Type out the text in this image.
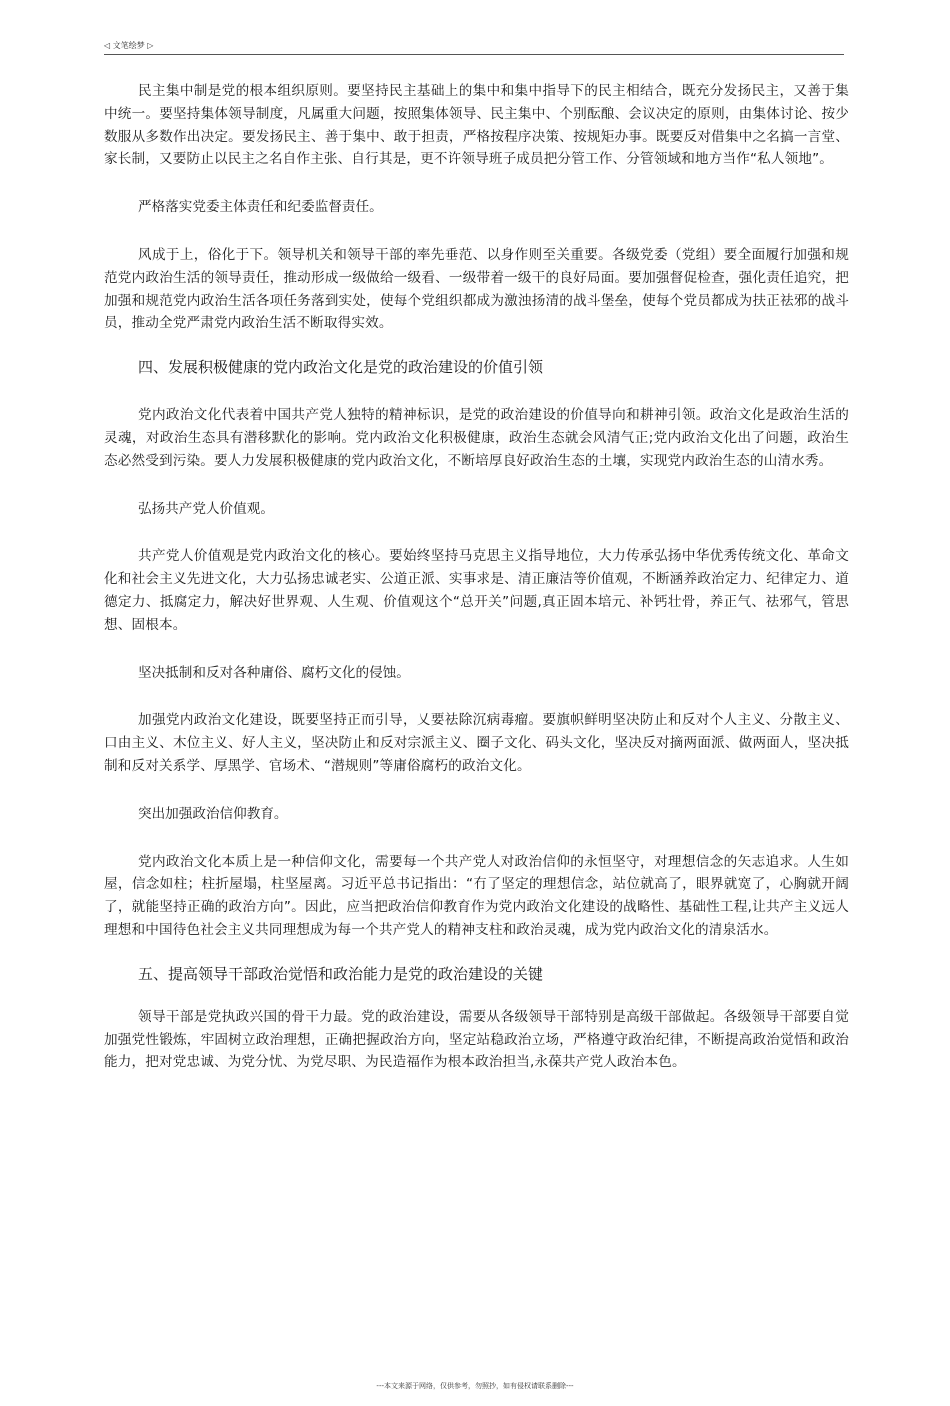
◁ 文笔绘梦 ▷

民主集中制是党的根本组织原则。要坚持民主基础上的集中和集中指导下的民主相结合，既充分发扬民主，又善于集中统一。要坚持集体领导制度，凡属重大问题，按照集体领导、民主集中、个别酝酿、会议决定的原则，由集体讨论、按少数服从多数作出决定。要发扬民主、善于集中、敢于担责，严格按程序决策、按规矩办事。既要反对借集中之名搞一言堂、家长制，又要防止以民主之名自作主张、自行其是，更不许领导班子成员把分管工作、分管领域和地方当作“私人领地”。

严格落实党委主体责任和纪委监督责任。

风成于上，俗化于下。领导机关和领导干部的率先垂范、以身作则至关重要。各级党委（党组）要全面履行加强和规范党内政治生活的领导责任，推动形成一级做给一级看、一级带着一级干的良好局面。要加强督促检查，强化责任追究，把加强和规范党内政治生活各项任务落到实处，使每个党组织都成为激浊扬清的战斗堡垒，使每个党员都成为扶正祛邪的战斗员，推动全党严肃党内政治生活不断取得实效。

四、发展积极健康的党内政治文化是党的政治建设的价值引领

党内政治文化代表着中国共产党人独特的精神标识，是党的政治建设的价值导向和耕神引领。政治文化是政治生活的灵魂，对政治生态具有潜移默化的影响。党内政治文化积极健康，政治生态就会风清气正;党内政治文化出了问题，政治生态必然受到污染。要人力发展积极健康的党内政治文化，不断培厚良好政治生态的土壤，实现党内政治生态的山清水秀。

弘扬共产党人价值观。

共产党人价值观是党内政治文化的核心。要始终坚持马克思主义指导地位，大力传承弘扬中华优秀传统文化、革命文化和社会主义先进文化，大力弘扬忠诚老实、公道正派、实事求是、清正廉洁等价值观，不断涵养政治定力、纪律定力、道德定力、抵腐定力，解决好世界观、人生观、价值观这个“总开关”问题,真正固本培元、补钙壮骨，养正气、祛邪气，管思想、固根本。

坚决抵制和反对各种庸俗、腐朽文化的侵蚀。

加强党内政治文化建设，既要坚持正而引导，乂要祛除沉病毒瘤。要旗帜鲜明坚决防止和反对个人主义、分散主义、口由主义、木位主义、好人主义，坚决防止和反对宗派主义、圈子文化、码头文化，坚决反对摘两面派、做两面人，坚决抵制和反对关系学、厚黑学、官场术、“潜规则”等庸俗腐朽的政治文化。

突出加强政治信仰教育。

党内政治文化本质上是一种信仰文化，需要每一个共产党人对政治信仰的永恒坚守，对理想信念的矢志追求。人生如屋，信念如柱；柱折屋塌，柱坚屋离。习近平总书记指出：“冇了坚定的理想信念，站位就高了，眼界就宽了，心胸就开阔了，就能坚持正确的政治方向”。因此，应当把政治信仰教育作为党内政治文化建设的战略性、基础性工程,让共产主义远人理想和中国待色社会主义共同理想成为每一个共产党人的精神支柱和政治灵魂，成为党内政治文化的清泉活水。

五、提高领导干部政治觉悟和政治能力是党的政治建设的关键

领导干部是党执政兴国的骨干力最。党的政治建设，需要从各级领导干部特别是高级干部做起。各级领导干部要自觉加强党性锻炼，牢固树立政治理想，正确把握政治方向，坚定站稳政治立场，严格遵守政治纪律，不断提高政治觉悟和政治能力，把对党忠诚、为党分忧、为党尽职、为民造福作为根本政治担当,永葆共产党人政治本色。

---本文来源于网络，仅供参考，勿照抄，如有侵权请联系删除---
